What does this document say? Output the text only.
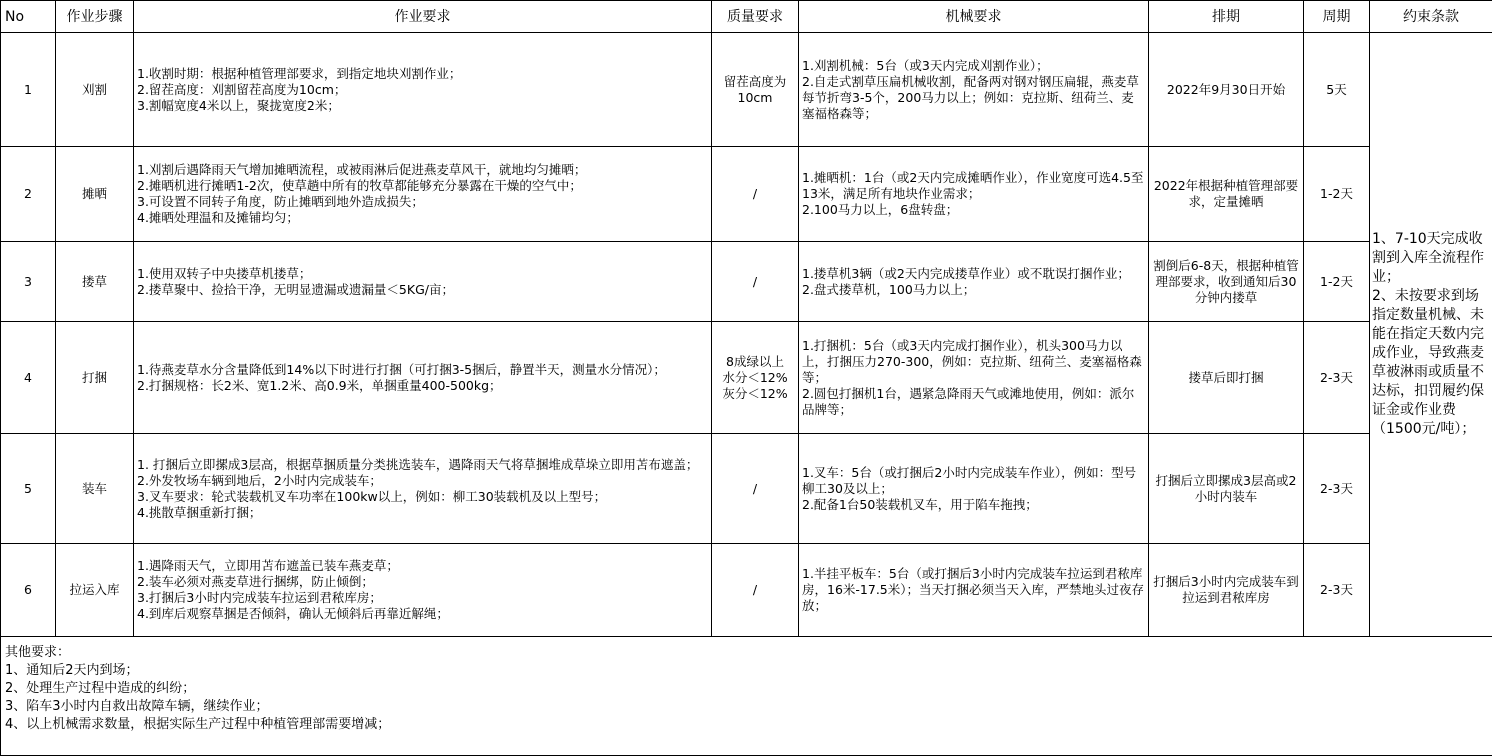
No	作业步骤	作业要求	质量要求	机械要求	排期	周期	约束条款
1	刈割	1.收割时期：根据种植管理部要求，到指定地块刈割作业；
2.留茬高度：刈割留茬高度为10cm；
3.割幅宽度4米以上，聚拢宽度2米；	留茬高度为10cm	1.刈割机械：5台（或3天内完成刈割作业）；
2.自走式割草压扁机械收割，配备两对钢对钢压扁辊，燕麦草每节折弯3-5个，200马力以上；例如：克拉斯、纽荷兰、麦塞福格森等；	2022年9月30日开始	5天	1、7-10天完成收割到入库全流程作业；
2、未按要求到场指定数量机械、未能在指定天数内完成作业，导致燕麦草被淋雨或质量不达标，扣罚履约保证金或作业费（1500元/吨）；

2	摊晒	1.刈割后遇降雨天气增加摊晒流程，或被雨淋后促进燕麦草风干，就地均匀摊晒；
2.摊晒机进行摊晒1-2次，使草趟中所有的牧草都能够充分暴露在干燥的空气中；
3.可设置不同转子角度，防止摊晒到地外造成损失；
4.摊晒处理温和及摊铺均匀；	/	1.摊晒机：1台（或2天内完成摊晒作业），作业宽度可选4.5至13米，满足所有地块作业需求；
2.100马力以上，6盘转盘；	2022年根据种植管理部要求，定量摊晒	1-2天	
3	搂草	1.使用双转子中央搂草机搂草；
2.搂草聚中、捡拾干净，无明显遗漏或遗漏量＜5KG/亩；	/	1.搂草机3辆（或2天内完成搂草作业）或不耽误打捆作业；
2.盘式搂草机，100马力以上；	割倒后6-8天，根据种植管理部要求，收到通知后30分钟内搂草	1-2天	
4	打捆	1.待燕麦草水分含量降低到14%以下时进行打捆（可打捆3-5捆后，静置半天，测量水分情况）；
2.打捆规格：长2米、宽1.2米、高0.9米，单捆重量400-500kg；	8成绿以上
水分＜12%
灰分＜12%	1.打捆机：5台（或3天内完成打捆作业），机头300马力以上，打捆压力270-300，例如：克拉斯、纽荷兰、麦塞福格森等；
2.圆包打捆机1台，遇紧急降雨天气或滩地使用，例如：派尔品牌等；	搂草后即打捆	2-3天	
5	装车	1. 打捆后立即摞成3层高，根据草捆质量分类挑选装车，遇降雨天气将草捆堆成草垛立即用苫布遮盖；
2.外发牧场车辆到地后，2小时内完成装车；
3.叉车要求：轮式装载机叉车功率在100kw以上，例如：柳工30装载机及以上型号；
4.挑散草捆重新打捆；	/	1.叉车：5台（或打捆后2小时内完成装车作业），例如：型号柳工30及以上；
2.配备1台50装载机叉车，用于陷车拖拽；	打捆后立即摞成3层高或2小时内装车	2-3天	
6	拉运入库	1.遇降雨天气，立即用苫布遮盖已装车燕麦草；
2.装车必须对燕麦草进行捆绑，防止倾倒；
3.打捆后3小时内完成装车拉运到君秾库房；
4.到库后观察草捆是否倾斜，确认无倾斜后再靠近解绳；	/	1.半挂平板车：5台（或打捆后3小时内完成装车拉运到君秾库房，16米-17.5米）；当天打捆必须当天入库，严禁地头过夜存放；	打捆后3小时内完成装车到拉运到君秾库房	2-3天	

其他要求：
1、通知后2天内到场；
2、处理生产过程中造成的纠纷；
3、陷车3小时内自救出故障车辆，继续作业；
4、以上机械需求数量，根据实际生产过程中种植管理部需要增减；							
